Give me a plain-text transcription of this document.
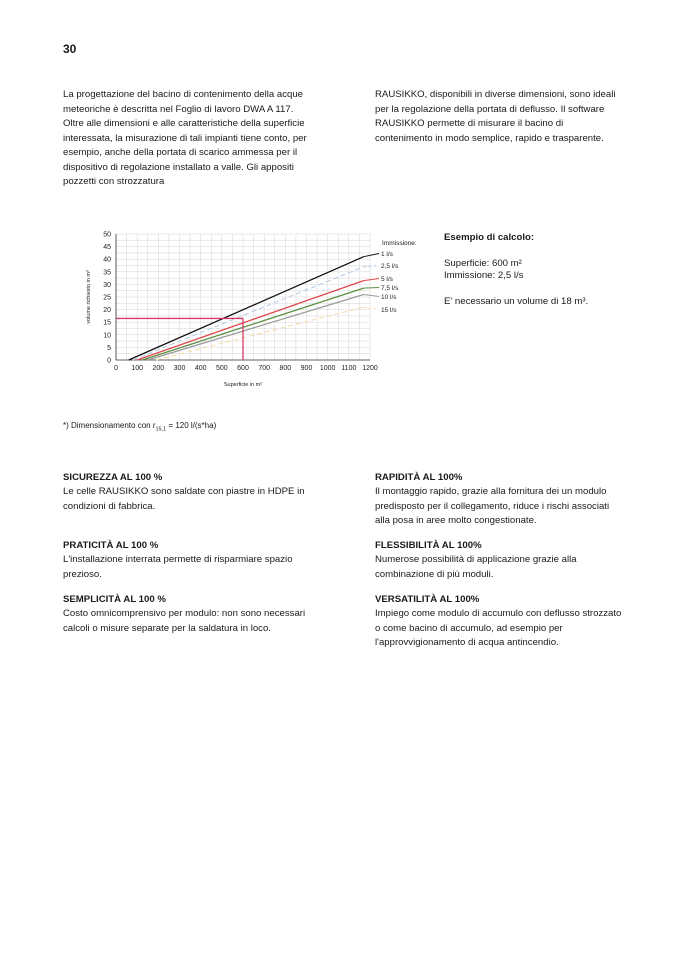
30

La progettazione del bacino di contenimento della acque meteoriche è descritta nel Foglio di lavoro DWA A 117. Oltre alle dimensioni e alle caratteristiche della superficie interessata, la misurazione di tali impianti tiene conto, per esempio, anche della portata di scarico ammessa per il dispositivo di regolazione installato a valle. Gli appositi pozzetti con strozzatura

RAUSIKKO, disponibili in diverse dimensioni, sono ideali per la regolazione della portata di deflusso. Il software RAUSIKKO permette di misurare il bacino di contenimento in modo semplice, rapido e trasparente.

0 100 200 300 400 500 600 700 800 900 1000 1100 1200
0
5
10
15
20
25
30
35
40
45
50
Superficie in m²
volume richiesto in m³
Immissione:
1 l/s
2,5 l/s
5 l/s
7,5 l/s
10 l/s
15 l/s
Esempio di calcolo:
Superficie: 600 m²
Immissione: 2,5 l/s
E' necessario un volume di 18 m³.
*) Dimensionamento con $r_{15,1} = 120$ l/(s*ha)
SICUREZZA AL 100 %

Le celle RAUSIKKO sono saldate con piastre in HDPE in condizioni di fabbrica.

RAPIDITÀ AL 100%

Il montaggio rapido, grazie alla fornitura dei un modulo predisposto per il collegamento, riduce i rischi associati alla posa in aree molto congestionate.

PRATICITÀ AL 100 %

L'installazione interrata permette di risparmiare spazio prezioso.

FLESSIBILITÀ AL 100%

Numerose possibilità di applicazione grazie alla combinazione di più moduli.

SEMPLICITÀ AL 100 %

Costo omnicomprensivo per modulo: non sono necessari calcoli o misure separate per la saldatura in loco.

VERSATILITÀ AL 100%

Impiego come modulo di accumulo con deflusso strozzato o come bacino di accumulo, ad esempio per l'approvvigionamento di acqua antincendio.
